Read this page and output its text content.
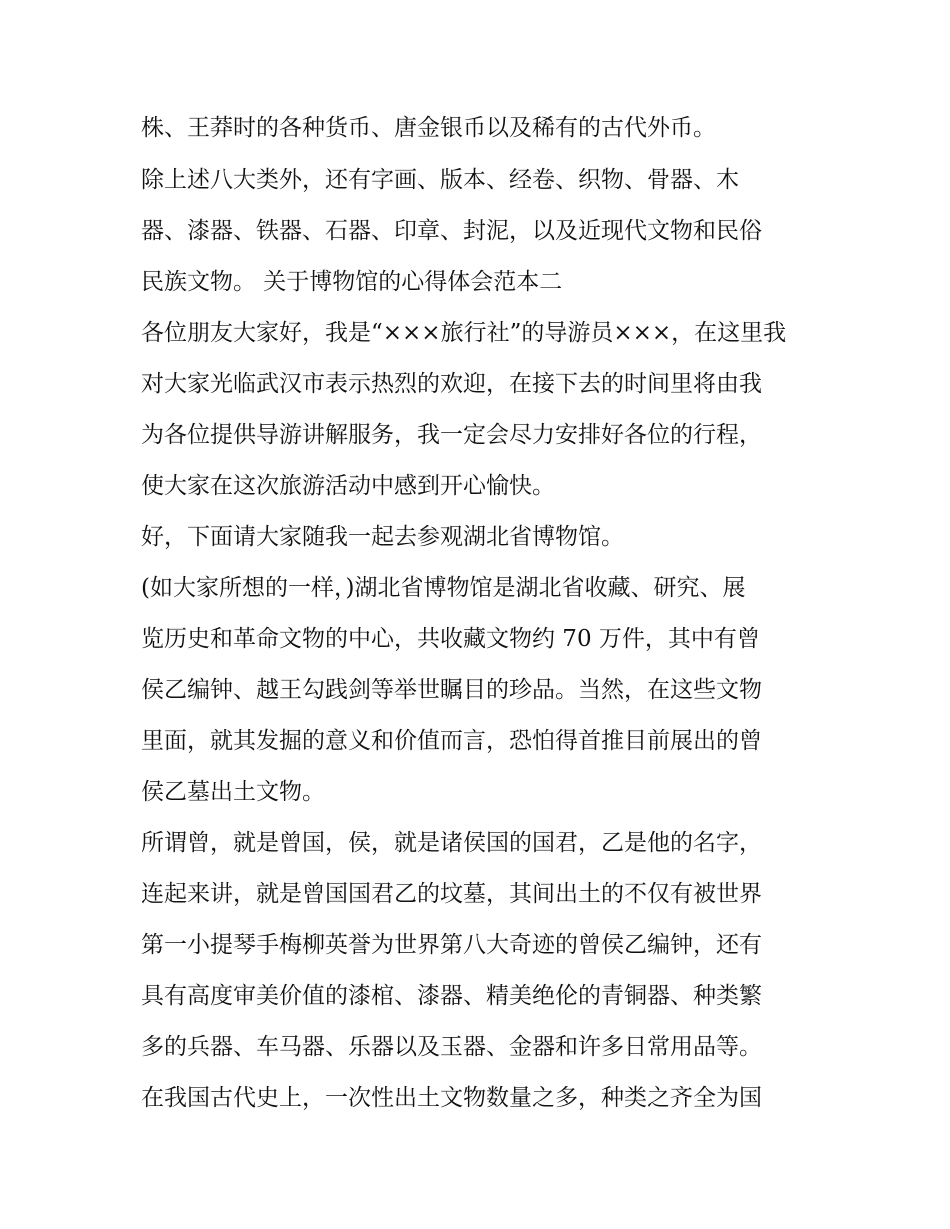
株、王莽时的各种货币、唐金银币以及稀有的古代外币。
除上述八大类外，还有字画、版本、经卷、织物、骨器、木
器、漆器、铁器、石器、印章、封泥，以及近现代文物和民俗
民族文物。 关于博物馆的心得体会范本二
各位朋友大家好，我是“×××旅行社”的导游员×××，在这里我
对大家光临武汉市表示热烈的欢迎，在接下去的时间里将由我
为各位提供导游讲解服务，我一定会尽力安排好各位的行程，
使大家在这次旅游活动中感到开心愉快。
好，下面请大家随我一起去参观湖北省博物馆。
(如大家所想的一样，)湖北省博物馆是湖北省收藏、研究、展
览历史和革命文物的中心，共收藏文物约 70 万件，其中有曾
侯乙编钟、越王勾践剑等举世瞩目的珍品。当然，在这些文物
里面，就其发掘的意义和价值而言，恐怕得首推目前展出的曾
侯乙墓出土文物。
所谓曾，就是曾国，侯，就是诸侯国的国君，乙是他的名字，
连起来讲，就是曾国国君乙的坟墓，其间出土的不仅有被世界
第一小提琴手梅柳英誉为世界第八大奇迹的曾侯乙编钟，还有
具有高度审美价值的漆棺、漆器、精美绝伦的青铜器、种类繁
多的兵器、车马器、乐器以及玉器、金器和许多日常用品等。
在我国古代史上，一次性出土文物数量之多，种类之齐全为国
